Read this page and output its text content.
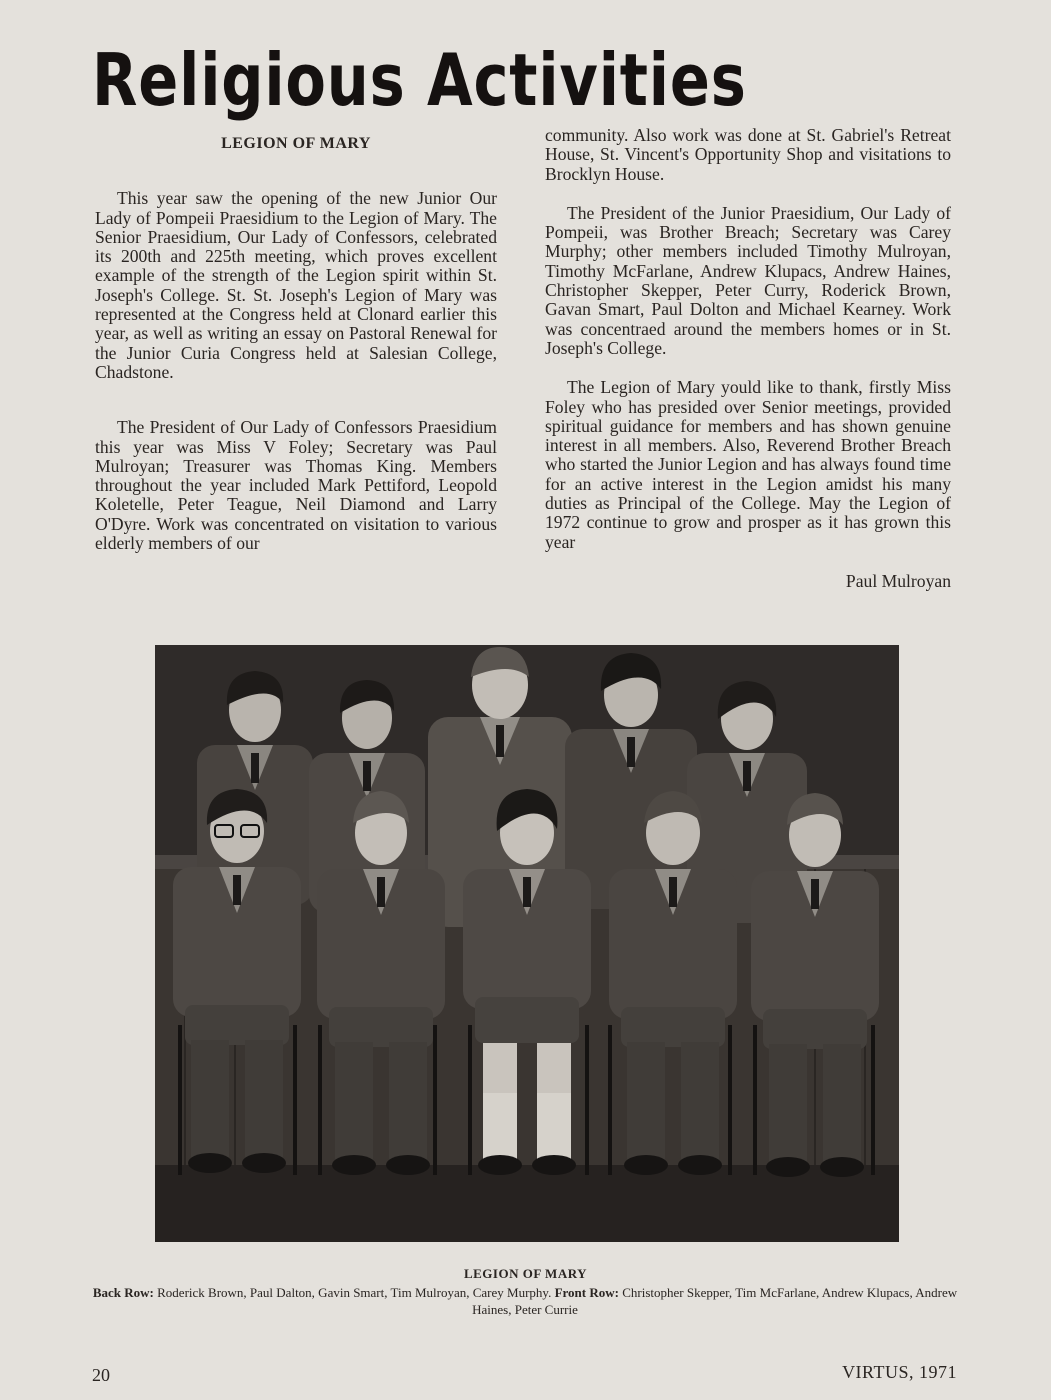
Religious Activities
LEGION OF MARY

This year saw the opening of the new Junior Our Lady of Pompeii Praesidium to the Legion of Mary. The Senior Praesidium, Our Lady of Confessors, celebrated its 200th and 225th meeting, which proves excellent example of the strength of the Legion spirit within St. Joseph's College. St. St. Joseph's Legion of Mary was represented at the Congress held at Clonard earlier this year, as well as writing an essay on Pastoral Renewal for the Junior Curia Congress held at Salesian College, Chadstone.

The President of Our Lady of Confessors Praesidium this year was Miss V Foley; Secretary was Paul Mulroyan; Treasurer was Thomas King. Members throughout the year included Mark Pettiford, Leopold Koletelle, Peter Teague, Neil Diamond and Larry O'Dyre. Work was concentrated on visitation to various elderly members of our

community. Also work was done at St. Gabriel's Retreat House, St. Vincent's Opportunity Shop and visitations to Brocklyn House.

The President of the Junior Praesidium, Our Lady of Pompeii, was Brother Breach; Secretary was Carey Murphy; other members included Timothy Mulroyan, Timothy McFarlane, Andrew Klupacs, Andrew Haines, Christopher Skepper, Peter Curry, Roderick Brown, Gavan Smart, Paul Dolton and Michael Kearney. Work was concentraed around the members homes or in St. Joseph's College.

The Legion of Mary yould like to thank, firstly Miss Foley who has presided over Senior meetings, provided spiritual guidance for members and has shown genuine interest in all members. Also, Reverend Brother Breach who started the Junior Legion and has always found time for an active interest in the Legion amidst his many duties as Principal of the College. May the Legion of 1972 continue to grow and prosper as it has grown this year

Paul Mulroyan

LEGION OF MARY
Back Row: Roderick Brown, Paul Dalton, Gavin Smart, Tim Mulroyan, Carey Murphy. Front Row: Christopher Skepper, Tim McFarlane, Andrew Klupacs, Andrew Haines, Peter Currie
20	VIRTUS, 1971
